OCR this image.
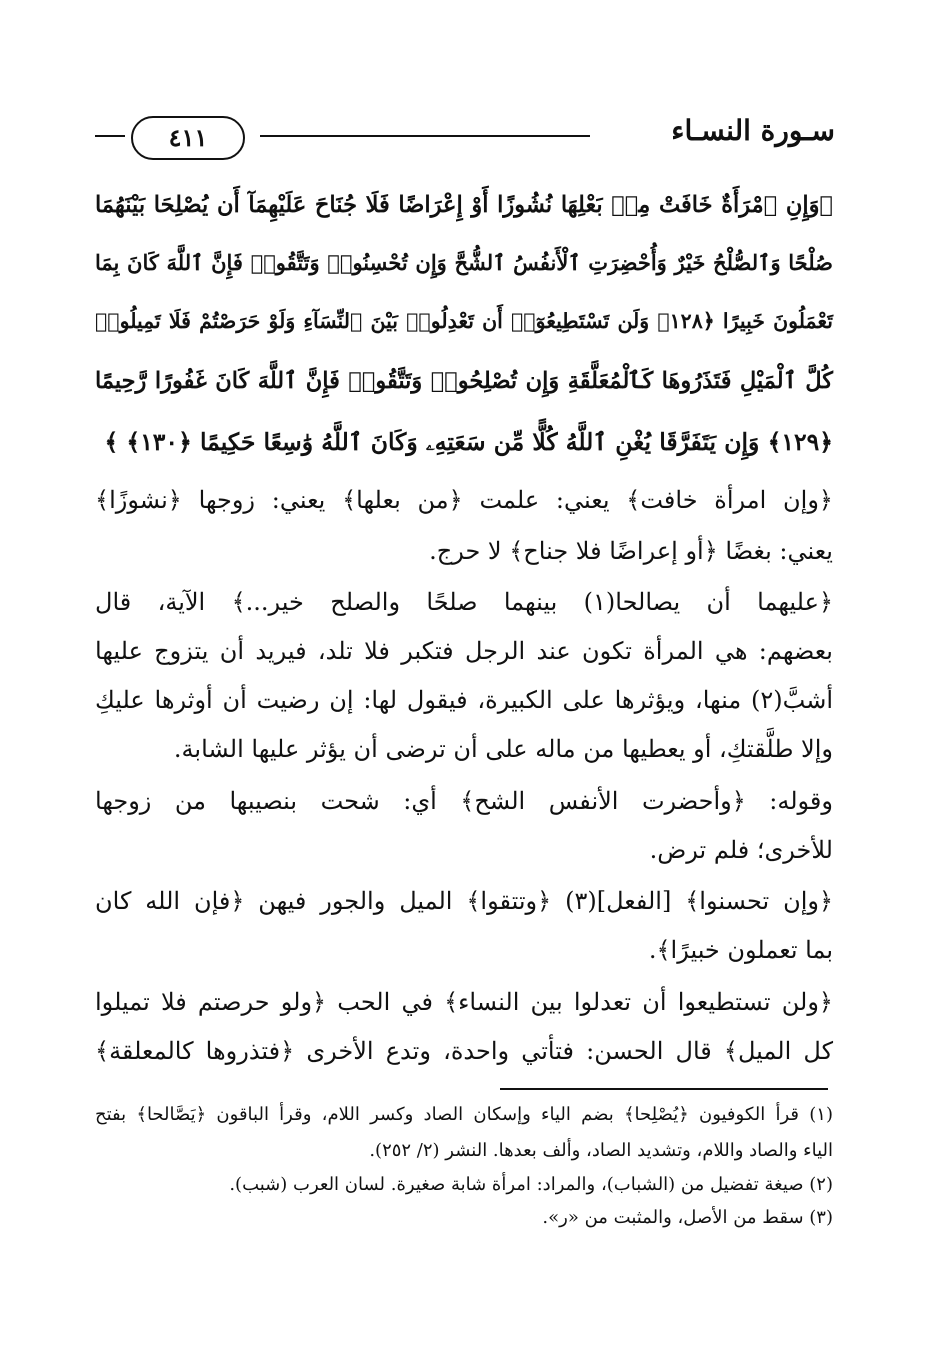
٤١١	سـورة النسـاء
﴿وَإِنِ ٱمْرَأَةٌ خَافَتْ مِنۢ بَعْلِهَا نُشُوزًا أَوْ إِعْرَاضًا فَلَا جُنَاحَ عَلَيْهِمَآ أَن يُصْلِحَا بَيْنَهُمَا
صُلْحًا وَٱلصُّلْحُ خَيْرٌ وَأُحْضِرَتِ ٱلْأَنفُسُ ٱلشُّحَّ وَإِن تُحْسِنُوا۟ وَتَتَّقُوا۟ فَإِنَّ ٱللَّهَ كَانَ بِمَا
تَعْمَلُونَ خَبِيرًا ﴿١٢٨﴾ وَلَن تَسْتَطِيعُوٓا۟ أَن تَعْدِلُوا۟ بَيْنَ ٱلنِّسَآءِ وَلَوْ حَرَصْتُمْ فَلَا تَمِيلُوا۟
كُلَّ ٱلْمَيْلِ فَتَذَرُوهَا كَٱلْمُعَلَّقَةِ وَإِن تُصْلِحُوا۟ وَتَتَّقُوا۟ فَإِنَّ ٱللَّهَ كَانَ غَفُورًا رَّحِيمًا
﴿١٢٩﴾ وَإِن يَتَفَرَّقَا يُغْنِ ٱللَّهُ كُلًّا مِّن سَعَتِهِۦ وَكَانَ ٱللَّهُ وَٰسِعًا حَكِيمًا ﴿١٣٠﴾ ﴾
﴿وإن امرأة خافت﴾ يعني: علمت ﴿من بعلها﴾ يعني: زوجها ﴿نشوزًا﴾
يعني: بغضًا ﴿أو إعراضًا فلا جناح﴾ لا حرج.
﴿عليهما أن يصالحا(١) بينهما صلحًا والصلح خير...﴾ الآية، قال
بعضهم: هي المرأة تكون عند الرجل فتكبر فلا تلد، فيريد أن يتزوج عليها
أشبَّ(٢) منها، ويؤثرها على الكبيرة، فيقول لها: إن رضيت أن أوثرها عليكِ
وإلا طلَّقتكِ، أو يعطيها من ماله على أن ترضى أن يؤثر عليها الشابة.
وقوله: ﴿وأحضرت الأنفس الشح﴾ أي: شحت بنصيبها من زوجها
للأخرى؛ فلم ترض.
﴿وإن تحسنوا﴾ [الفعل](٣) ﴿وتتقوا﴾ الميل والجور فيهن ﴿فإن الله كان
بما تعملون خبيرًا﴾.
﴿ولن تستطيعوا أن تعدلوا بين النساء﴾ في الحب ﴿ولو حرصتم فلا تميلوا
كل الميل﴾ قال الحسن: فتأتي واحدة، وتدع الأخرى ﴿فتذروها كالمعلقة﴾
(١) قرأ الكوفيون ﴿يُصْلِحا﴾ بضم الياء وإسكان الصاد وكسر اللام، وقرأ الباقون ﴿يَصَّالحا﴾ بفتح
الياء والصاد واللام، وتشديد الصاد، وألف بعدها. النشر (٢/ ٢٥٢).
(٢) صيغة تفضيل من (الشباب)، والمراد: امرأة شابة صغيرة. لسان العرب (شبب).
(٣) سقط من الأصل، والمثبت من «ر».
